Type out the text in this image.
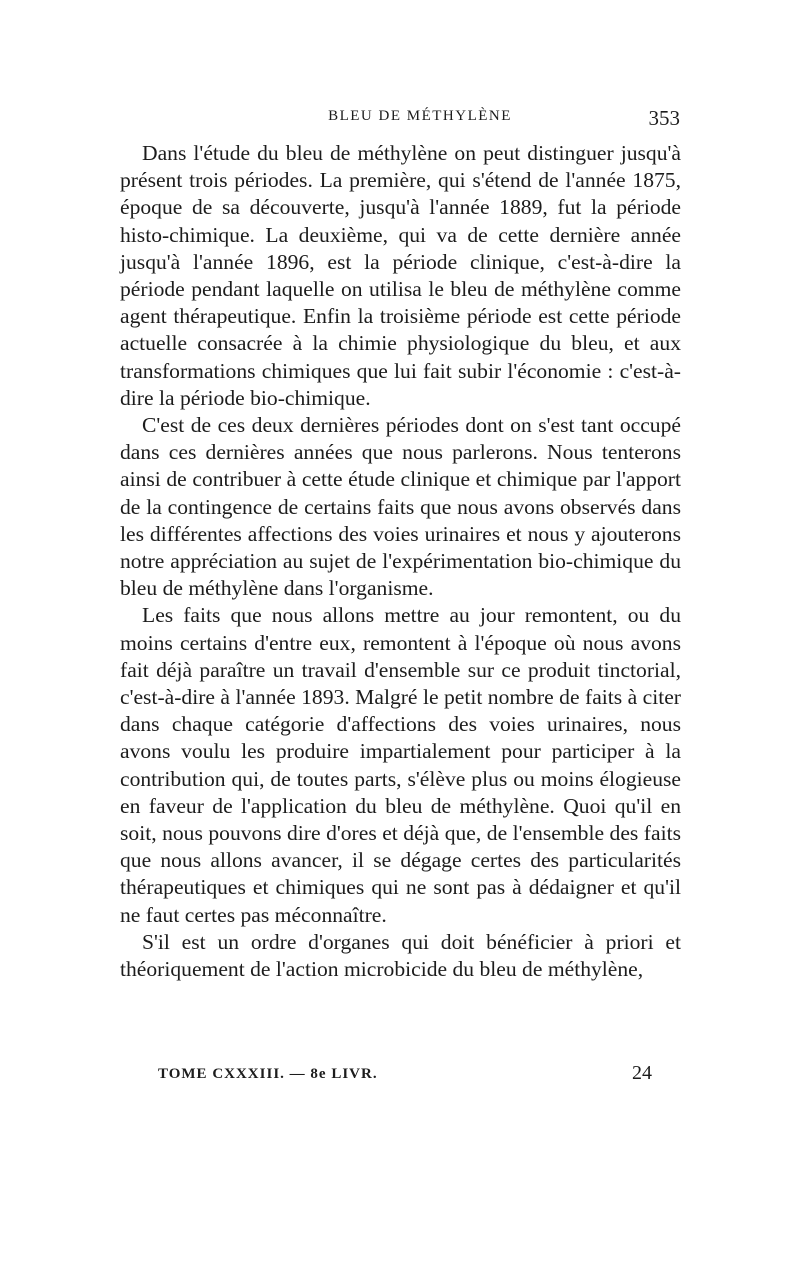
BLEU DE MÉTHYLÈNE	353

Dans l'étude du bleu de méthylène on peut distinguer jusqu'à présent trois périodes. La première, qui s'étend de l'année 1875, époque de sa découverte, jusqu'à l'année 1889, fut la période histo-chimique. La deuxième, qui va de cette dernière année jusqu'à l'année 1896, est la période clinique, c'est-à-dire la période pendant laquelle on utilisa le bleu de méthylène comme agent thérapeutique. Enfin la troisième période est cette période actuelle consacrée à la chimie physiologique du bleu, et aux transformations chimiques que lui fait subir l'économie : c'est-à-dire la période bio-chimique.

C'est de ces deux dernières périodes dont on s'est tant occupé dans ces dernières années que nous parlerons. Nous tenterons ainsi de contribuer à cette étude clinique et chimique par l'apport de la contingence de certains faits que nous avons observés dans les différentes affections des voies urinaires et nous y ajouterons notre appréciation au sujet de l'expérimentation bio-chimique du bleu de méthylène dans l'organisme.

Les faits que nous allons mettre au jour remontent, ou du moins certains d'entre eux, remontent à l'époque où nous avons fait déjà paraître un travail d'ensemble sur ce produit tinctorial, c'est-à-dire à l'année 1893. Malgré le petit nombre de faits à citer dans chaque catégorie d'affections des voies urinaires, nous avons voulu les produire impartialement pour participer à la contribution qui, de toutes parts, s'élève plus ou moins élogieuse en faveur de l'application du bleu de méthylène. Quoi qu'il en soit, nous pouvons dire d'ores et déjà que, de l'ensemble des faits que nous allons avancer, il se dégage certes des particularités thérapeutiques et chimiques qui ne sont pas à dédaigner et qu'il ne faut certes pas méconnaître.

S'il est un ordre d'organes qui doit bénéficier à priori et théoriquement de l'action microbicide du bleu de méthylène,

TOME CXXXIII. — 8e LIVR.	24
